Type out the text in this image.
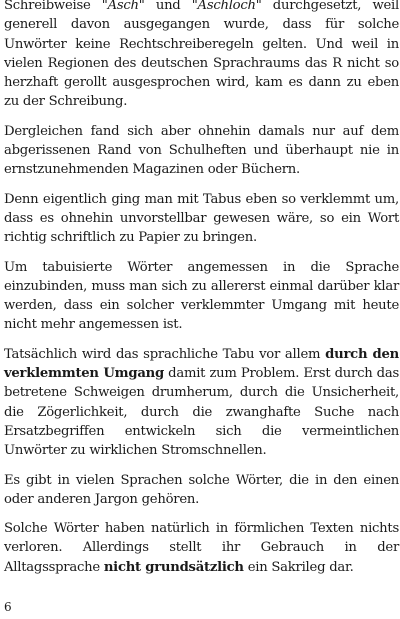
Schreibweise "Asch" und "Aschloch" durchgesetzt, weil generell davon ausgegangen wurde, dass für solche Unwörter keine Rechtschreiberegeln gelten. Und weil in vielen Regionen des deutschen Sprachraums das R nicht so herzhaft gerollt ausgesprochen wird, kam es dann zu eben zu der Schreibung.

Dergleichen fand sich aber ohnehin damals nur auf dem abgerissenen Rand von Schulheften und überhaupt nie in ernstzunehmenden Magazinen oder Büchern.

Denn eigentlich ging man mit Tabus eben so verklemmt um, dass es ohnehin unvorstellbar gewesen wäre, so ein Wort richtig schriftlich zu Papier zu bringen.

Um tabuisierte Wörter angemessen in die Sprache einzubinden, muss man sich zu allererst einmal darüber klar werden, dass ein solcher verklemmter Umgang mit heute nicht mehr angemessen ist.

Tatsächlich wird das sprachliche Tabu vor allem durch den verklemmten Umgang damit zum Problem. Erst durch das betretene Schweigen drumherum, durch die Unsicherheit, die Zögerlichkeit, durch die zwanghafte Suche nach Ersatzbegriffen entwickeln sich die vermeintlichen Unwörter zu wirklichen Stromschnellen.

Es gibt in vielen Sprachen solche Wörter, die in den einen oder anderen Jargon gehören.

Solche Wörter haben natürlich in förmlichen Texten nichts verloren. Allerdings stellt ihr Gebrauch in der Alltagssprache nicht grundsätzlich ein Sakrileg dar.

6
